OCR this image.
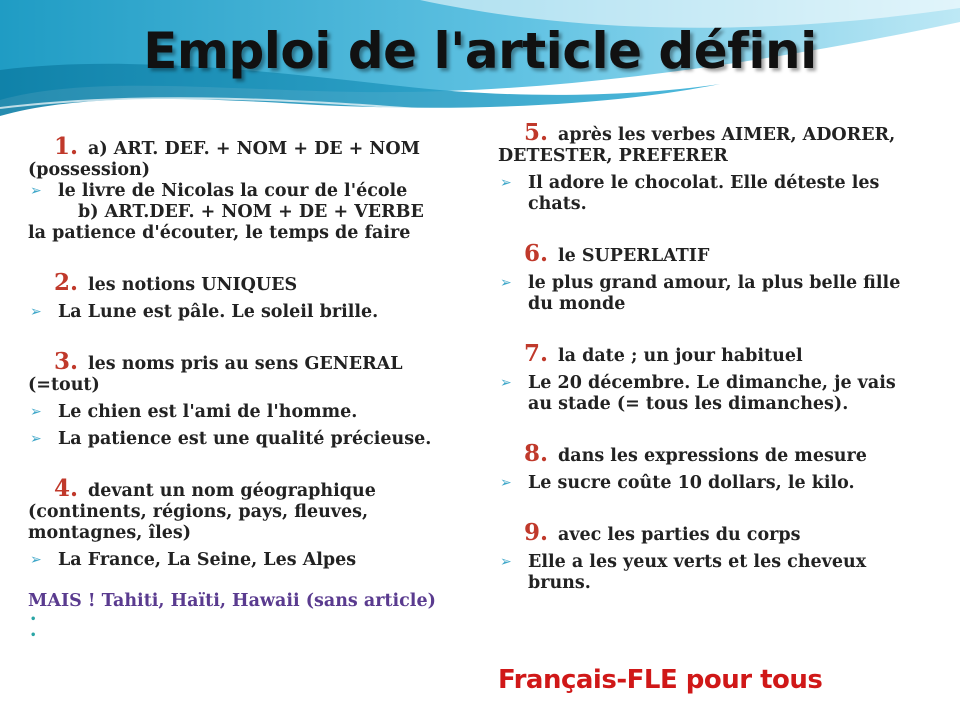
Emploi de l'article défini
1. a) ART. DEF. + NOM + DE + NOM
(possession)
➢ le livre de Nicolas la cour de l'école
b) ART.DEF. + NOM + DE + VERBE
la patience d'écouter, le temps de faire
2. les notions UNIQUES
➢ La Lune est pâle. Le soleil brille.
3. les noms pris au sens GENERAL
(=tout)
➢ Le chien est l'ami de l'homme.
➢ La patience est une qualité précieuse.
4. devant un nom géographique
(continents, régions, pays, fleuves,
montagnes, îles)
➢ La France, La Seine, Les Alpes
MAIS ! Tahiti, Haïti, Hawaii (sans article)
•
•
5. après les verbes AIMER, ADORER,
DETESTER, PREFERER
➢ Il adore le chocolat. Elle déteste les
chats.
6. le SUPERLATIF
➢ le plus grand amour, la plus belle fille
du monde
7. la date ; un jour habituel
➢ Le 20 décembre. Le dimanche, je vais
au stade (= tous les dimanches).
8. dans les expressions de mesure
➢ Le sucre coûte 10 dollars, le kilo.
9. avec les parties du corps
➢ Elle a les yeux verts et les cheveux
bruns.
Français-FLE pour tous
